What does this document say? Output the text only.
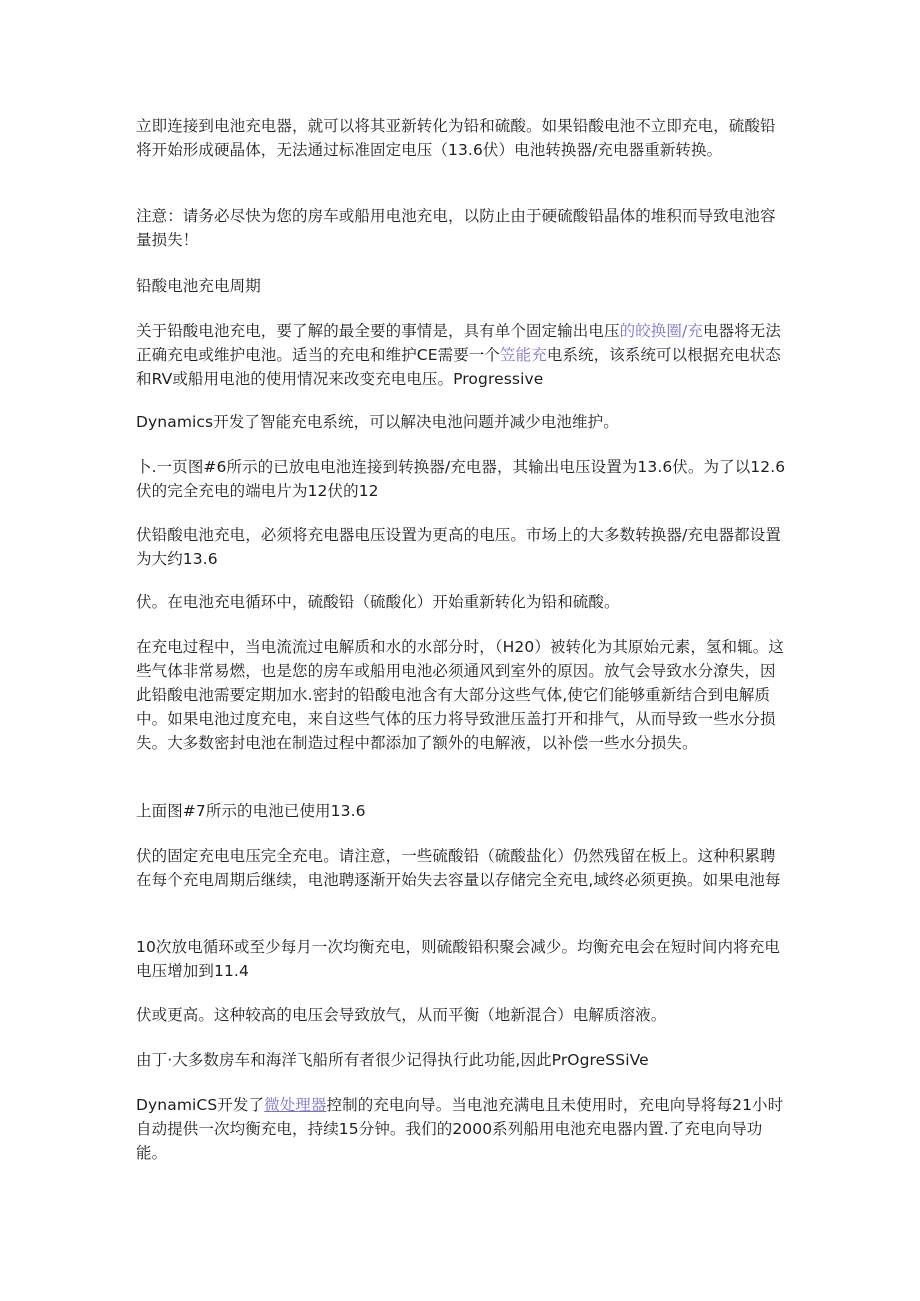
立即连接到电池充电器，就可以将其亚新转化为铅和硫酸。如果铅酸电池不立即充电，硫酸铅将开始形成硬晶体，无法通过标准固定电压（13.6伏）电池转换器/充电器重新转换。

注意：请务必尽快为您的房车或船用电池充电，以防止由于硬硫酸铅晶体的堆积而导致电池容量损失！

铅酸电池充电周期

关于铅酸电池充电，要了解的最全要的事情是，具有单个固定输出电压的皎换圈/充电器将无法正确充电或维护电池。适当的充电和维护CE需要一个笠能充电系统，该系统可以根据充电状态和RV或船用电池的使用情况来改变充电电压。Progressive

Dynamics开发了智能充电系统，可以解决电池问题并减少电池维护。

卜.一页图#6所示的已放电电池连接到转换器/充电器，其输出电压设置为13.6伏。为了以12.6伏的完全充电的端电片为12伏的12

伏铅酸电池充电，必须将充电器电压设置为更高的电压。市场上的大多数转换器/充电器都设置为大约13.6

伏。在电池充电循环中，硫酸铅（硫酸化）开始重新转化为铅和硫酸。

在充电过程中，当电流流过电解质和水的水部分时，（H20）被转化为其原始元素，氢和辄。这些气体非常易燃，也是您的房车或船用电池必须通风到室外的原因。放气会导致水分潦失，因此铅酸电池需要定期加水.密封的铅酸电池含有大部分这些气体,使它们能够重新结合到电解质中。如果电池过度充电，来自这些气体的压力将导致泄压盖打开和排气，从而导致一些水分损失。大多数密封电池在制造过程中都添加了额外的电解液，以补偿一些水分损失。

上面图#7所示的电池已使用13.6

伏的固定充电电压完全充电。请注意，一些硫酸铅（硫酸盐化）仍然残留在板上。这种积累聘在每个充电周期后继续，电池聘逐渐开始失去容量以存储完全充电,域终必须更换。如果电池每

10次放电循环或至少每月一次均衡充电，则硫酸铅积聚会减少。均衡充电会在短时间内将充电电压增加到11.4

伏或更高。这种较高的电压会导致放气，从而平衡（地新混合）电解质溶液。

由丁·大多数房车和海洋飞船所有者很少记得执行此功能,因此PrOgreSSiVe

DynamiCS开发了微处理器控制的充电向导。当电池充满电且未使用时，充电向导将每21小时自动提供一次均衡充电，持续15分钟。我们的2000系列船用电池充电器内置.了充电向导功能。
